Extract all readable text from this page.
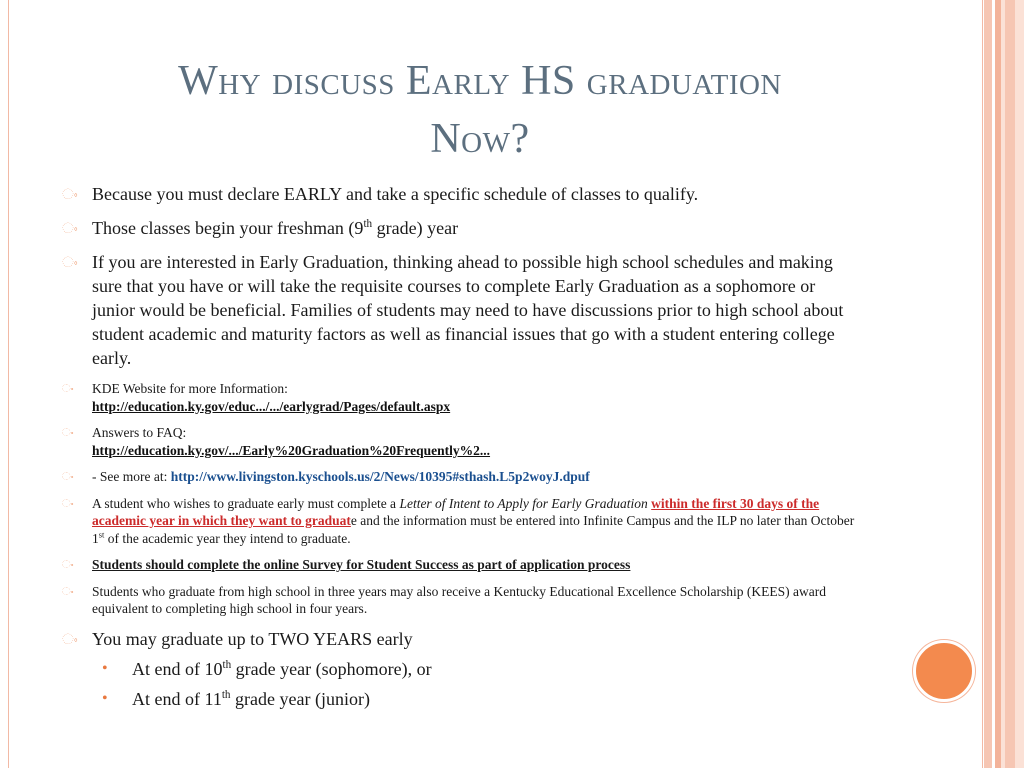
Why discuss Early HS graduation
Now?
ං Because you must declare EARLY and take a specific schedule of classes to qualify.
ං Those classes begin your freshman (9th grade) year
ං If you are interested in Early Graduation, thinking ahead to possible high school schedules and making sure that you have or will take the requisite courses to complete Early Graduation as a sophomore or junior would be beneficial. Families of students may need to have discussions prior to high school about student academic and maturity factors as well as financial issues that go with a student entering college early.
ං KDE Website for more Information:
http://education.ky.gov/educ.../.../earlygrad/Pages/default.aspx
ං Answers to FAQ:
http://education.ky.gov/.../Early%20Graduation%20Frequently%2...
ං - See more at: http://www.livingston.kyschools.us/2/News/10395#sthash.L5p2woyJ.dpuf
ං A student who wishes to graduate early must complete a Letter of Intent to Apply for Early Graduation within the first 30 days of the academic year in which they want to graduate and the information must be entered into Infinite Campus and the ILP no later than October 1st of the academic year they intend to graduate.
ං Students should complete the online Survey for Student Success as part of application process
ං Students who graduate from high school in three years may also receive a Kentucky Educational Excellence Scholarship (KEES) award equivalent to completing high school in four years.
ං You may graduate up to TWO YEARS early
• At end of 10th grade year (sophomore), or
• At end of 11th grade year (junior)
